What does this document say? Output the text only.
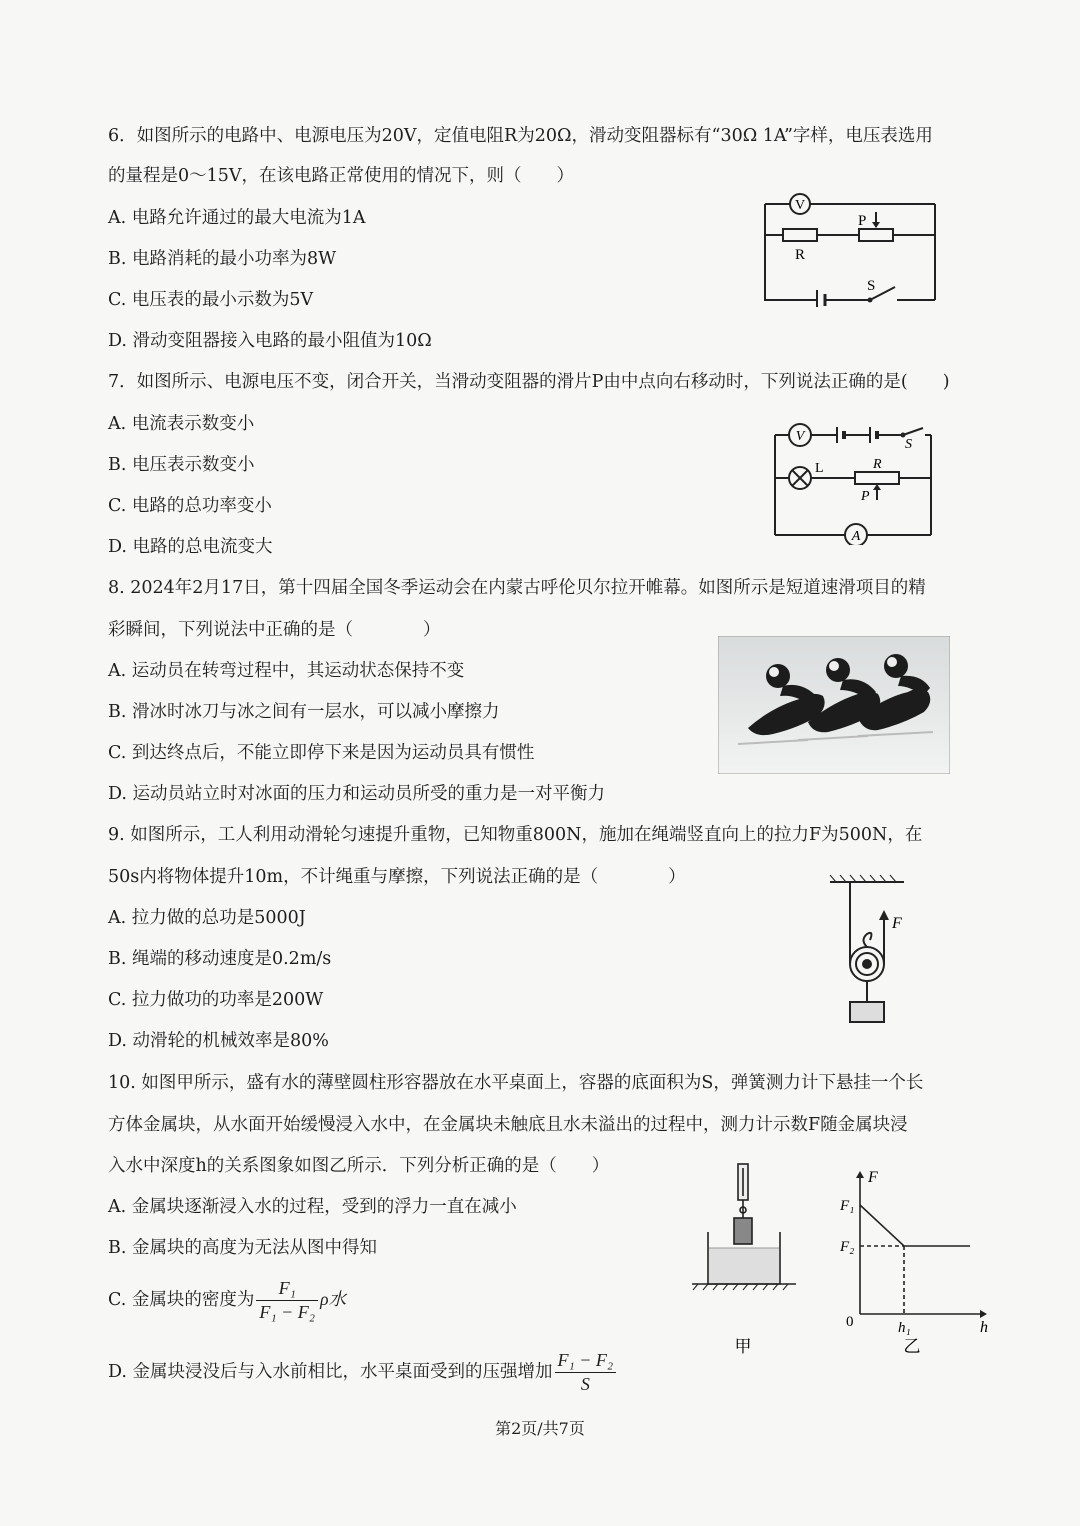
6．如图所示的电路中、电源电压为20V，定值电阻R为20Ω，滑动变阻器标有“30Ω 1A”字样，电压表选用
的量程是0～15V，在该电路正常使用的情况下，则（　　）
A. 电路允许通过的最大电流为1A
B. 电路消耗的最小功率为8W
C. 电压表的最小示数为5V
D. 滑动变阻器接入电路的最小阻值为10Ω
V
P
R
S
7．如图所示、电源电压不变，闭合开关，当滑动变阻器的滑片P由中点向右移动时，下列说法正确的是(　　)
A. 电流表示数变小
B. 电压表示数变小
C. 电路的总功率变小
D. 电路的总电流变大
V
A
L	R
P
S
8. 2024年2月17日，第十四届全国冬季运动会在内蒙古呼伦贝尔拉开帷幕。如图所示是短道速滑项目的精
彩瞬间，下列说法中正确的是（　　　　）
A. 运动员在转弯过程中，其运动状态保持不变
B. 滑冰时冰刀与冰之间有一层水，可以减小摩擦力
C. 到达终点后，不能立即停下来是因为运动员具有惯性
D. 运动员站立时对冰面的压力和运动员所受的重力是一对平衡力
9. 如图所示，工人利用动滑轮匀速提升重物，已知物重800N，施加在绳端竖直向上的拉力F为500N，在
50s内将物体提升10m，不计绳重与摩擦，下列说法正确的是（　　　　）
A. 拉力做的总功是5000J
B. 绳端的移动速度是0.2m/s
C. 拉力做功的功率是200W
D. 动滑轮的机械效率是80%
F
10. 如图甲所示，盛有水的薄壁圆柱形容器放在水平桌面上，容器的底面积为S，弹簧测力计下悬挂一个长
方体金属块，从水面开始缓慢浸入水中，在金属块未触底且水未溢出的过程中，测力计示数F随金属块浸
入水中深度h的关系图象如图乙所示．下列分析正确的是（　　）
A. 金属块逐渐浸入水的过程，受到的浮力一直在减小
B. 金属块的高度为无法从图中得知
C. 金属块的密度为 $\frac{\text{F₁}}{\text{F₁ − F₂}}$ ρ水
D. 金属块浸没后与入水前相比，水平桌面受到的压强增加 $\frac{\text{F₁ − F₂}}{S}$
甲
F
h
F₁
F₂
h₁
0
乙
第2页/共7页
